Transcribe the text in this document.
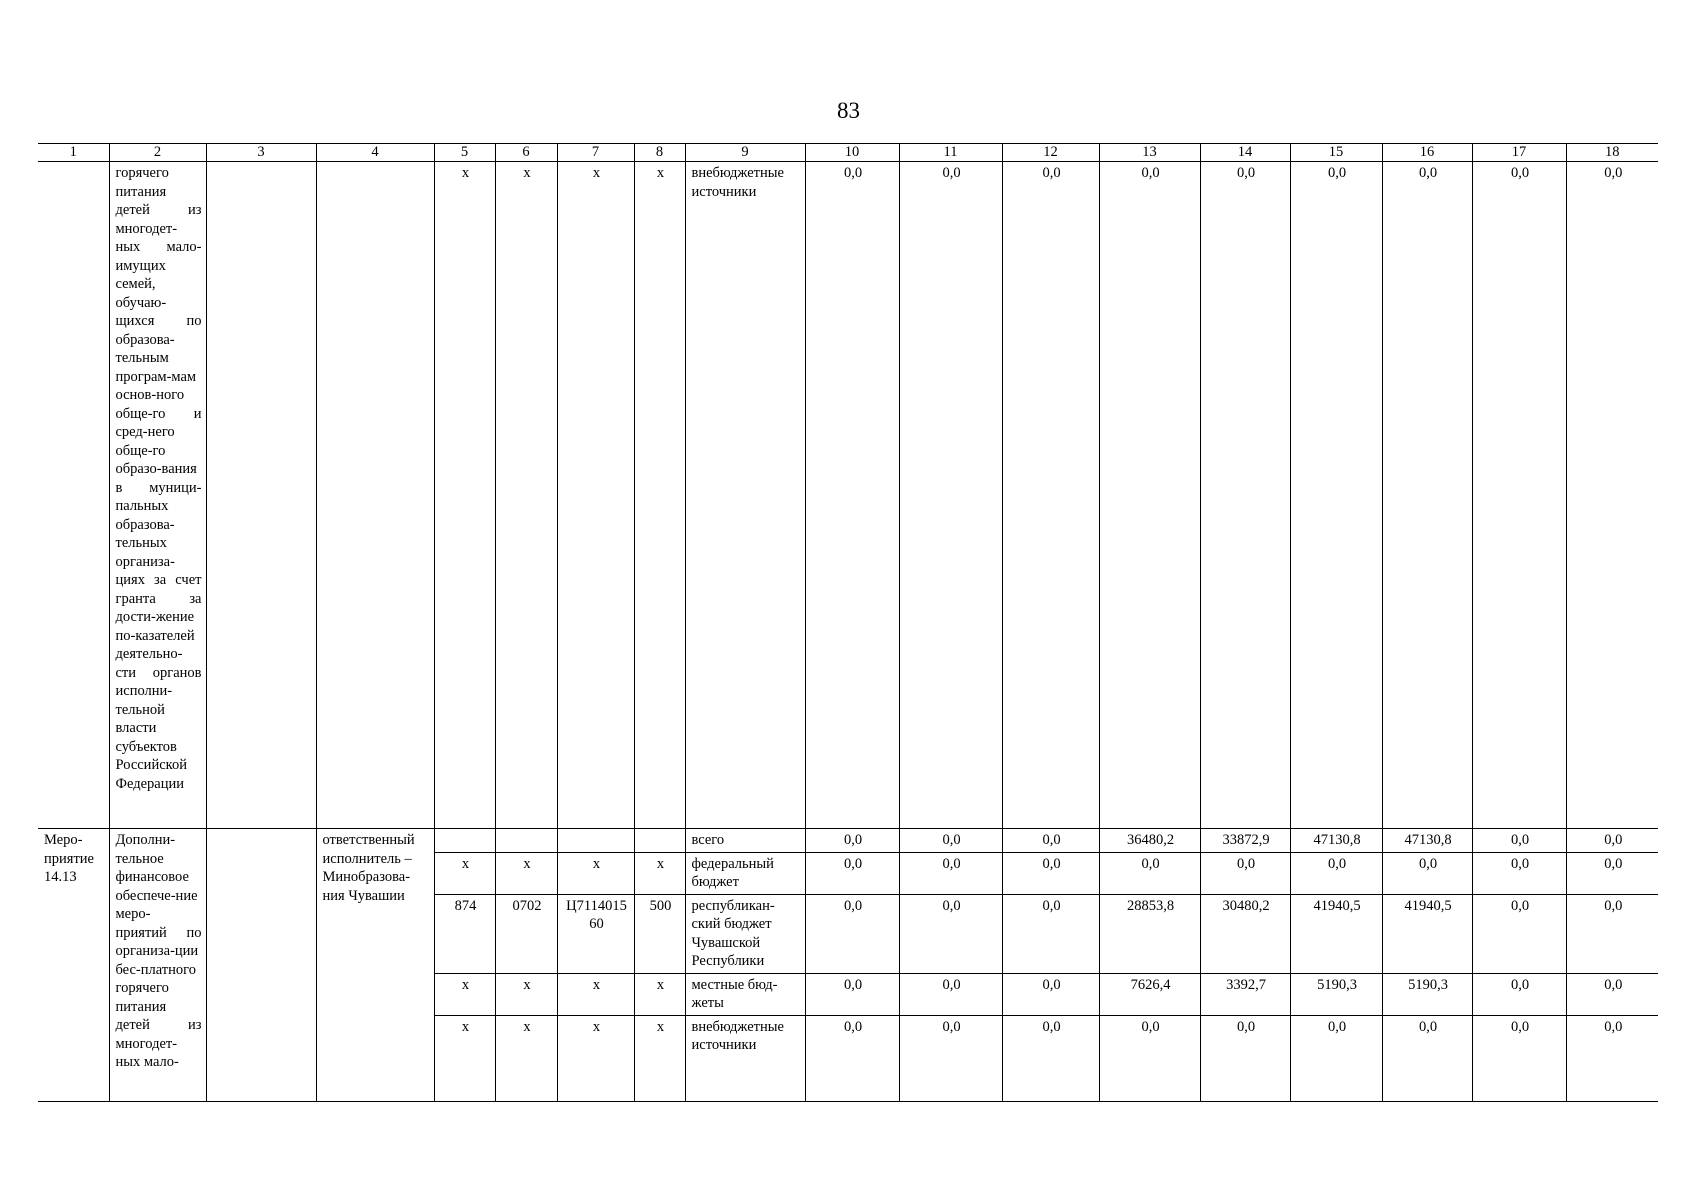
83
1	2	3	4	5	6	7	8	9	10	11	12	13	14	15	16	17	18
	горячего питания детей из многодет-ных мало-имущих семей, обучаю-щихся по образова-тельным програм-мам основ-ного обще-го и сред-него обще-го образо-вания в муници-пальных образова-тельных организа-циях за счет гранта за дости-жение по-казателей деятельно-сти органов исполни-тельной власти субъектов Российской Федерации			х	х	х	х	внебюджетные источники	0,0	0,0	0,0	0,0	0,0	0,0	0,0	0,0	0,0
Меро-приятие 14.13	Дополни-тельное финансовое обеспече-ние меро-приятий по организа-ции бес-платного горячего питания детей из многодет-ных мало-		ответственный исполнитель – Минобразова-ния Чувашии					всего	0,0	0,0	0,0	36480,2	33872,9	47130,8	47130,8	0,0	0,0
				х	х	х	х	федеральный бюджет	0,0	0,0	0,0	0,0	0,0	0,0	0,0	0,0	0,0
				874	0702	Ц711401560	500	республикан-ский бюджет Чувашской Республики	0,0	0,0	0,0	28853,8	30480,2	41940,5	41940,5	0,0	0,0
				х	х	х	х	местные бюд-жеты	0,0	0,0	0,0	7626,4	3392,7	5190,3	5190,3	0,0	0,0
				х	х	х	х	внебюджетные источники	0,0	0,0	0,0	0,0	0,0	0,0	0,0	0,0	0,0
